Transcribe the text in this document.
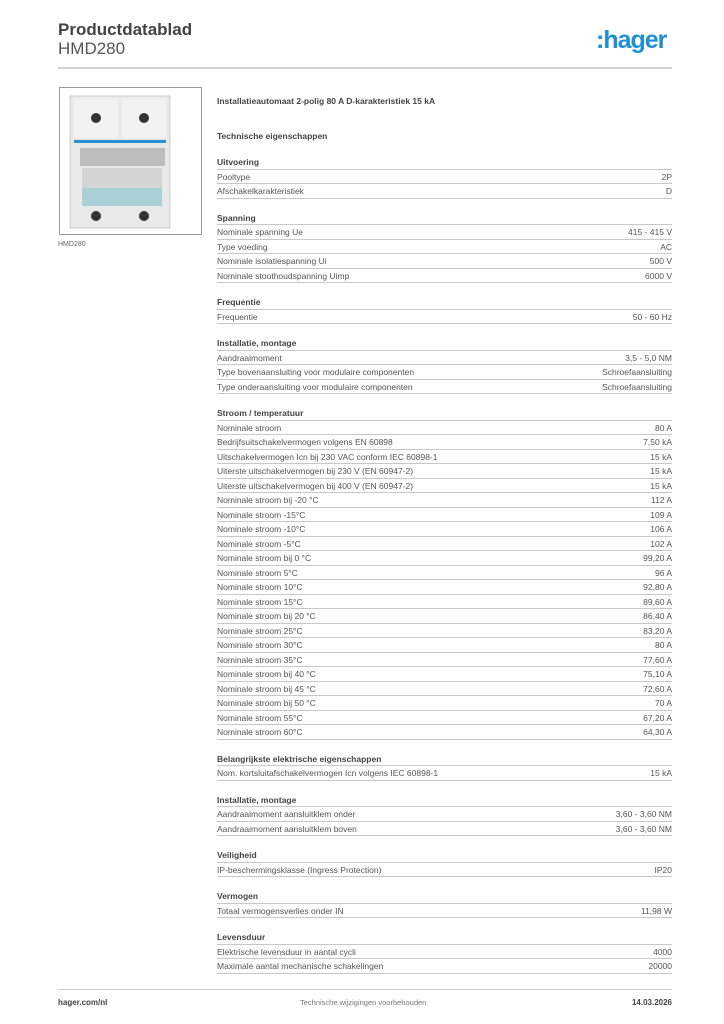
Productdatablad
HMD280	:hager
HMD280
Installatieautomaat 2-polig 80 A D-karakteristiek 15 kA
Technische eigenschappen
Uitvoering
Pooltype	2P
Afschakelkarakteristiek	D
Spanning
Nominale spanning Ue	415 - 415 V
Type voeding	AC
Nominale isolatiespanning Ui	500 V
Nominale stoothoudspanning Uimp	6000 V
Frequentie
Frequentie	50 - 60 Hz
Installatie, montage
Aandraaimoment	3,5 - 5,0 NM
Type bovenaansluiting voor modulaire componenten	Schroefaansluiting
Type onderaansluiting voor modulaire componenten	Schroefaansluiting
Stroom / temperatuur
Nominale stroom	80 A
Bedrijfsuitschakelvermogen volgens EN 60898	7,50 kA
Uitschakelvermogen Icn bij 230 VAC conform IEC 60898-1	15 kA
Uiterste uitschakelvermogen bij 230 V (EN 60947-2)	15 kA
Uiterste uitschakelvermogen bij 400 V (EN 60947-2)	15 kA
Nominale stroom bij -20 °C	112 A
Nominale stroom -15°C	109 A
Nominale stroom -10°C	106 A
Nominale stroom -5°C	102 A
Nominale stroom bij 0 °C	99,20 A
Nominale stroom 5°C	96 A
Nominale stroom 10°C	92,80 A
Nominale stroom 15°C	89,60 A
Nominale stroom bij 20 °C	86,40 A
Nominale stroom 25°C	83,20 A
Nominale stroom 30°C	80 A
Nominale stroom 35°C	77,60 A
Nominale stroom bij 40 °C	75,10 A
Nominale stroom bij 45 °C	72,60 A
Nominale stroom bij 50 °C	70 A
Nominale stroom 55°C	67,20 A
Nominale stroom 60°C	64,30 A
Belangrijkste elektrische eigenschappen
Nom. kortsluitafschakelvermogen Icn volgens IEC 60898-1	15 kA
Installatie, montage
Aandraaimoment aansluitklem onder	3,60 - 3,60 NM
Aandraaimoment aansluitklem boven	3,60 - 3,60 NM
Veiligheid
IP-beschermingsklasse (Ingress Protection)	IP20
Vermogen
Totaal vermogensverlies onder IN	11,98 W
Levensduur
Elektrische levensduur in aantal cycli	4000
Maximale aantal mechanische schakelingen	20000
hager.com/nl	Technische wijzigingen voorbehouden	14.03.2026
